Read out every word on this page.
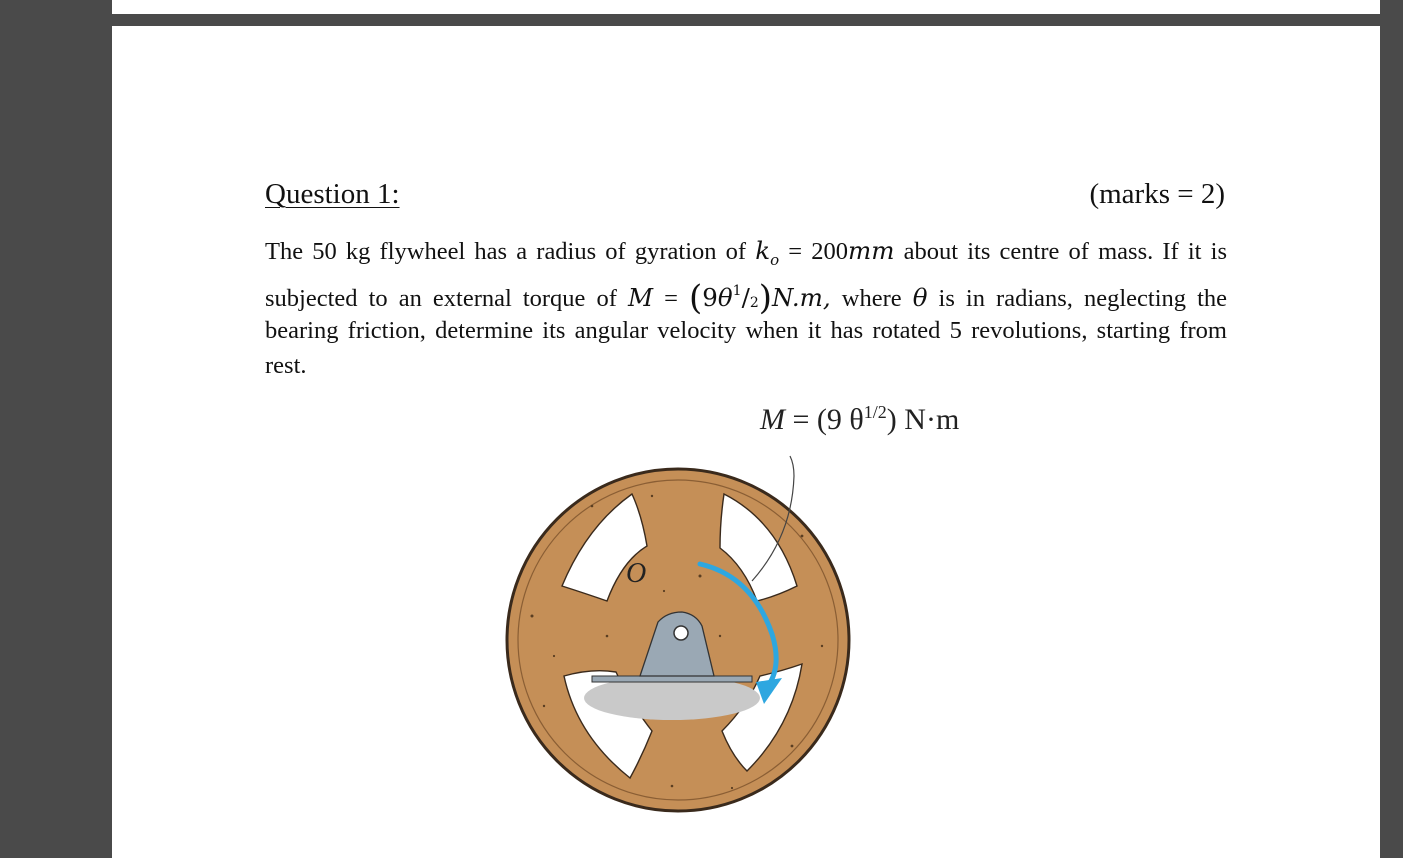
Question 1:	(marks = 2)
The 50 kg flywheel has a radius of gyration of $k_o = 200mm$ about its centre of mass. If it is
subjected to an external torque of $M = (9\theta^1/2)N.m$, where θ is in radians, neglecting the
bearing friction, determine its angular velocity when it has rotated 5 revolutions, starting from
rest.
M = (9 $\theta^{1/2}$) N·m
O
